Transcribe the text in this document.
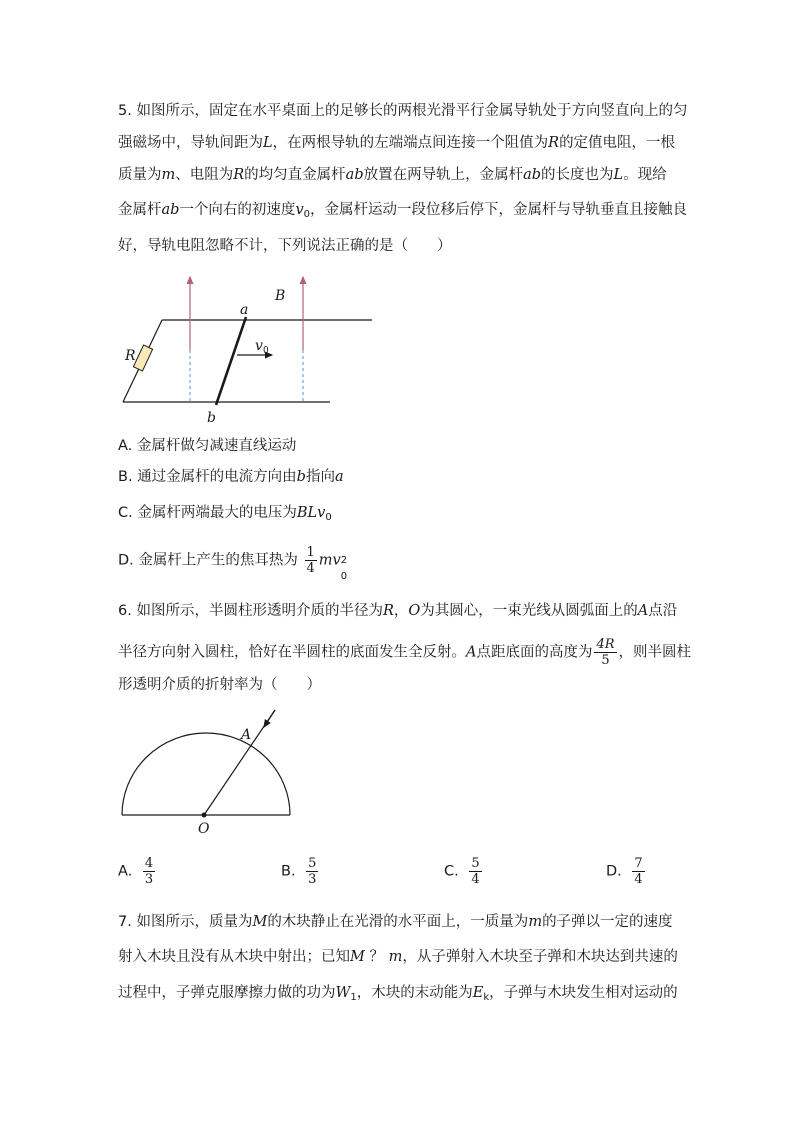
5. 如图所示，固定在水平桌面上的足够长的两根光滑平行金属导轨处于方向竖直向上的匀
强磁场中，导轨间距为L，在两根导轨的左端端点间连接一个阻值为R的定值电阻，一根
质量为m、电阻为R的均匀直金属杆ab放置在两导轨上，金属杆ab的长度也为L。现给
金属杆ab一个向右的初速度$v_0$，金属杆运动一段位移后停下，金属杆与导轨垂直且接触良
好，导轨电阻忽略不计，下列说法正确的是（　　）
B
a
b
R
v 0
A. 金属杆做匀减速直线运动
B. 通过金属杆的电流方向由b指向a
C. 金属杆两端最大的电压为BLv$_0$
D. 金属杆上产生的焦耳热为 $\frac{1}{4}$ mv 2
0
6. 如图所示，半圆柱形透明介质的半径为R，O为其圆心，一束光线从圆弧面上的A点沿
半径方向射入圆柱，恰好在半圆柱的底面发生全反射。A点距底面的高度为 $\frac{4R}{5}$ ，则半圆柱
形透明介质的折射率为（　　）
A
O
A. $\frac{4}{3}$	B. $\frac{5}{3}$	C. $\frac{5}{4}$	D. $\frac{7}{4}$
7. 如图所示，质量为M的木块静止在光滑的水平面上，一质量为m的子弹以一定的速度
射入木块且没有从木块中射出；已知M ？ m，从子弹射入木块至子弹和木块达到共速的
过程中，子弹克服摩擦力做的功为$W_1$，木块的末动能为$E_k$，子弹与木块发生相对运动的
